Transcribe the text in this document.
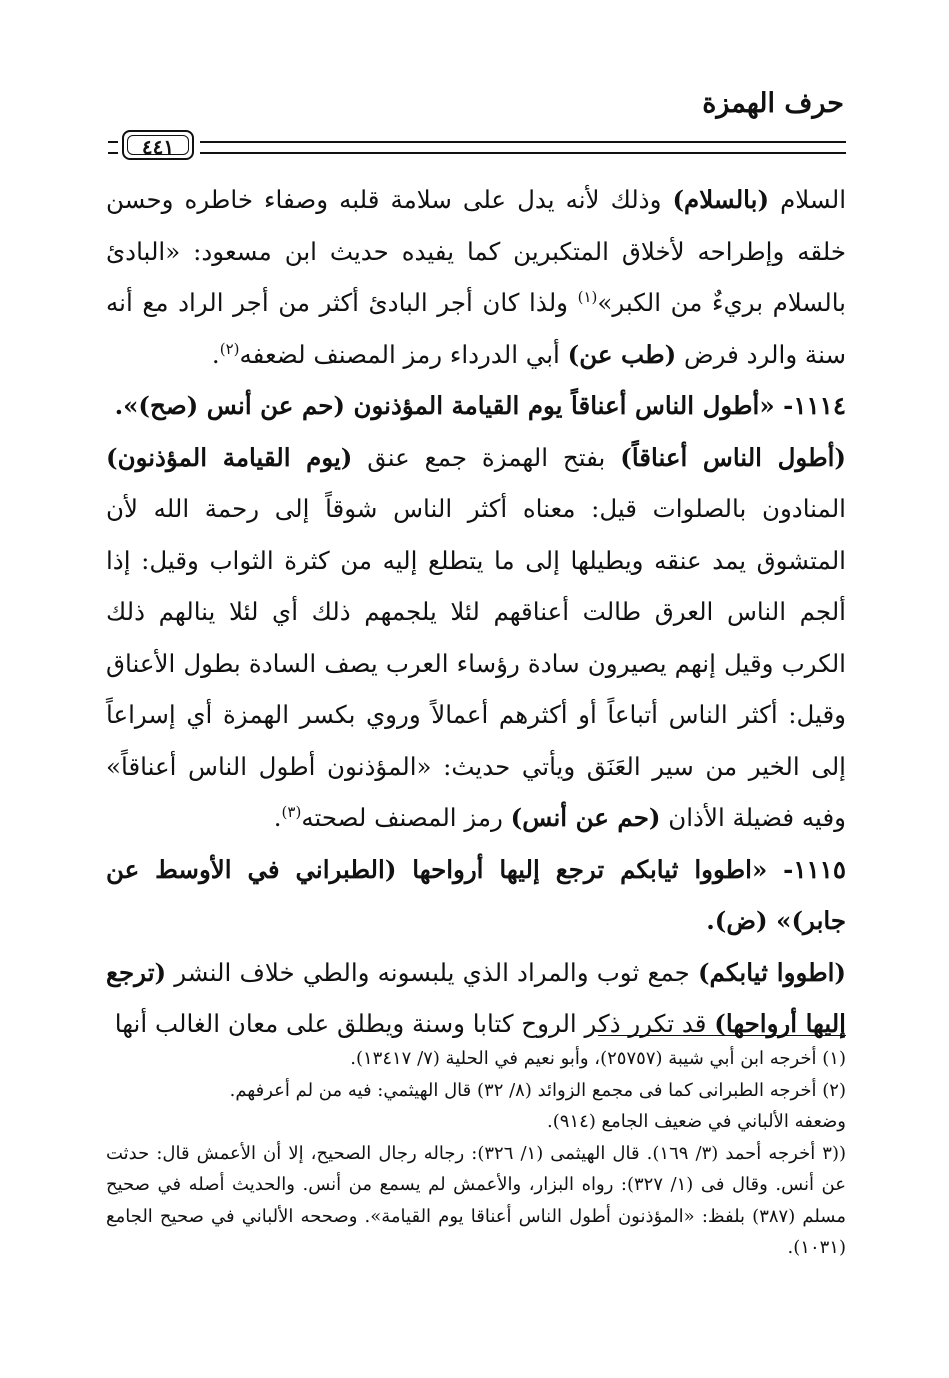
حرف الهمزة
٤٤١

السلام (بالسلام) وذلك لأنه يدل على سلامة قلبه وصفاء خاطره وحسن خلقه وإطراحه لأخلاق المتكبرين كما يفيده حديث ابن مسعود: «البادئ بالسلام بريءٌ من الكبر»$^{(١)}$ ولذا كان أجر البادئ أكثر من أجر الراد مع أنه سنة والرد فرض (طب عن) أبي الدرداء رمز المصنف لضعفه$^{(٢)}$.

١١١٤- «أطول الناس أعناقاً يوم القيامة المؤذنون (حم عن أنس (صح)».

(أطول الناس أعناقاً) بفتح الهمزة جمع عنق (يوم القيامة المؤذنون) المنادون بالصلوات قيل: معناه أكثر الناس شوقاً إلى رحمة الله لأن المتشوق يمد عنقه ويطيلها إلى ما يتطلع إليه من كثرة الثواب وقيل: إذا ألجم الناس العرق طالت أعناقهم لئلا يلجمهم ذلك أي لئلا ينالهم ذلك الكرب وقيل إنهم يصيرون سادة رؤساء العرب يصف السادة بطول الأعناق وقيل: أكثر الناس أتباعاً أو أكثرهم أعمالاً وروي بكسر الهمزة أي إسراعاً إلى الخير من سير العَنَق ويأتي حديث: «المؤذنون أطول الناس أعناقاً» وفيه فضيلة الأذان (حم عن أنس) رمز المصنف لصحته$^{(٣)}$.

١١١٥- «اطووا ثيابكم ترجع إليها أرواحها (الطبراني في الأوسط عن جابر)» (ض).

(اطووا ثيابكم) جمع ثوب والمراد الذي يلبسونه والطي خلاف النشر (ترجع إليها أرواحها) قد تكرر ذكر الروح كتابا وسنة ويطلق على معان الغالب أنها

(١) أخرجه ابن أبي شيبة (٢٥٧٥٧)، وأبو نعيم في الحلية (٧/ ١٣٤١٧).

(٢) أخرجه الطبرانى كما فى مجمع الزوائد (٨/ ٣٢) قال الهيثمي: فيه من لم أعرفهم.

وضعفه الألباني في ضعيف الجامع (٩١٤).

((٣ أخرجه أحمد (٣/ ١٦٩). قال الهيثمى (١/ ٣٢٦): رجاله رجال الصحيح، إلا أن الأعمش قال: حدثت عن أنس. وقال فى (١/ ٣٢٧): رواه البزار، والأعمش لم يسمع من أنس. والحديث أصله في صحيح مسلم (٣٨٧) بلفظ: «المؤذنون أطول الناس أعناقا يوم القيامة». وصححه الألباني في صحيح الجامع (١٠٣١).
